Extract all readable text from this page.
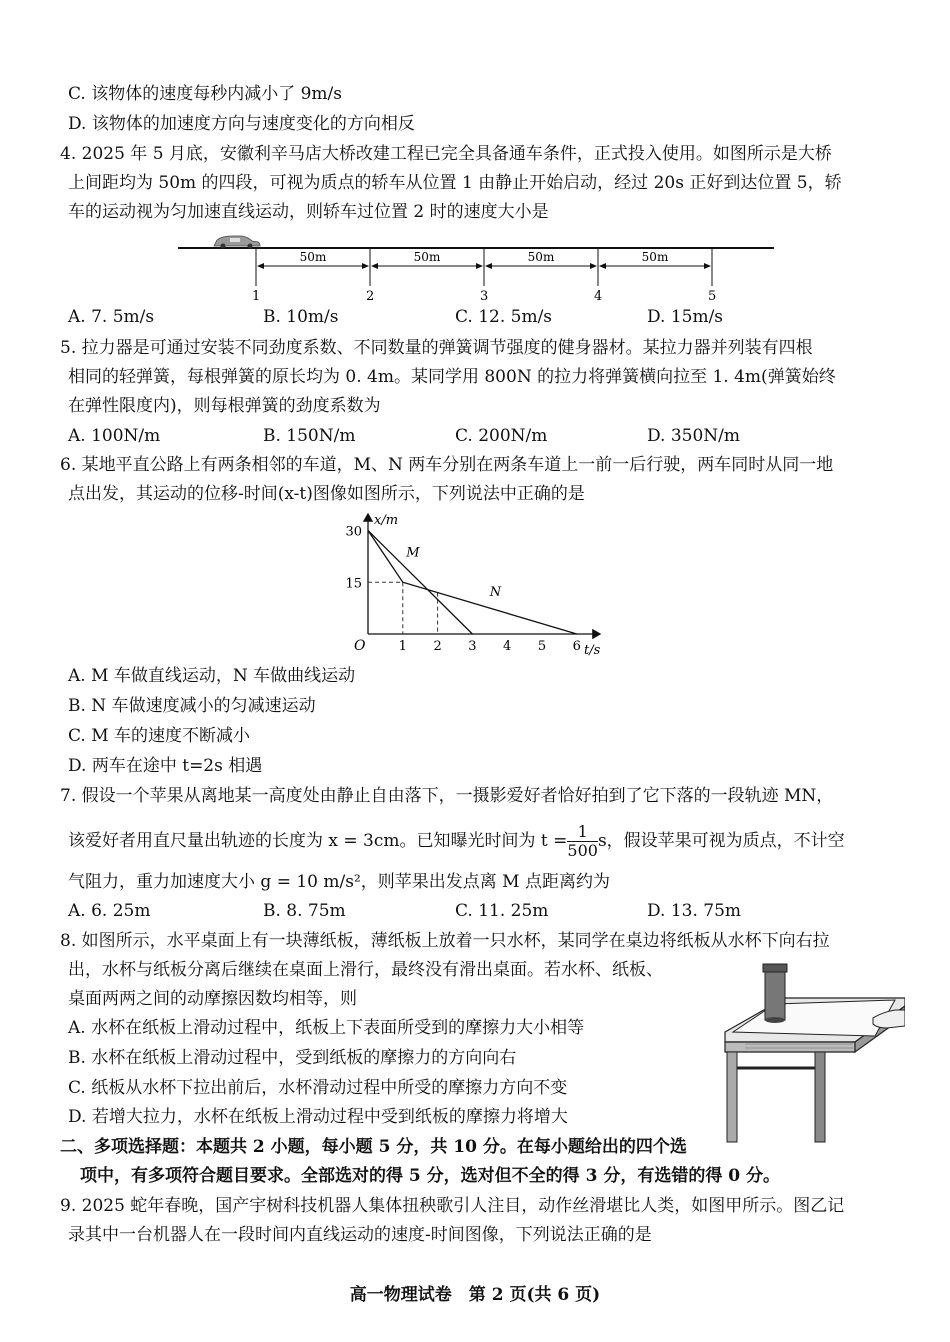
C. 该物体的速度每秒内减小了 9m/s
D. 该物体的加速度方向与速度变化的方向相反
4. 2025 年 5 月底，安徽利辛马店大桥改建工程已完全具备通车条件，正式投入使用。如图所示是大桥
上间距均为 50m 的四段，可视为质点的轿车从位置 1 由静止开始启动，经过 20s 正好到达位置 5，轿
车的运动视为匀加速直线运动，则轿车过位置 2 时的速度大小是
1	2	3	4	5
50m	50m	50m	50m
A. 7. 5m/s	B. 10m/s	C. 12. 5m/s	D. 15m/s
5. 拉力器是可通过安装不同劲度系数、不同数量的弹簧调节强度的健身器材。某拉力器并列装有四根
相同的轻弹簧，每根弹簧的原长均为 0. 4m。某同学用 800N 的拉力将弹簧横向拉至 1. 4m(弹簧始终
在弹性限度内)，则每根弹簧的劲度系数为
A. 100N/m	B. 150N/m	C. 200N/m	D. 350N/m
6. 某地平直公路上有两条相邻的车道，M、N 两车分别在两条车道上一前一后行驶，两车同时从同一地
点出发，其运动的位移-时间(x-t)图像如图所示，下列说法中正确的是
x/m
t/s
O	1 2 3 4 5 6
15
30
M
N
A. M 车做直线运动，N 车做曲线运动
B. N 车做速度减小的匀减速运动
C. M 车的速度不断减小
D. 两车在途中 t=2s 相遇
7. 假设一个苹果从离地某一高度处由静止自由落下，一摄影爱好者恰好拍到了它下落的一段轨迹 MN，
该爱好者用直尺量出轨迹的长度为 x = 3cm。已知曝光时间为 $t = \frac{1}{500}$ s，假设苹果可视为质点，不计空
气阻力，重力加速度大小 g = 10 m/s²，则苹果出发点离 M 点距离约为
A. 6. 25m	B. 8. 75m	C. 11. 25m	D. 13. 75m
8. 如图所示，水平桌面上有一块薄纸板，薄纸板上放着一只水杯，某同学在桌边将纸板从水杯下向右拉
出，水杯与纸板分离后继续在桌面上滑行，最终没有滑出桌面。若水杯、纸板、
桌面两两之间的动摩擦因数均相等，则
A. 水杯在纸板上滑动过程中，纸板上下表面所受到的摩擦力大小相等
B. 水杯在纸板上滑动过程中，受到纸板的摩擦力的方向向右
C. 纸板从水杯下拉出前后，水杯滑动过程中所受的摩擦力方向不变
D. 若增大拉力，水杯在纸板上滑动过程中受到纸板的摩擦力将增大
二、多项选择题：本题共 2 小题，每小题 5 分，共 10 分。在每小题给出的四个选
项中，有多项符合题目要求。全部选对的得 5 分，选对但不全的得 3 分，有选错的得 0 分。
9. 2025 蛇年春晚，国产宇树科技机器人集体扭秧歌引人注目，动作丝滑堪比人类，如图甲所示。图乙记
录其中一台机器人在一段时间内直线运动的速度-时间图像，下列说法正确的是
高一物理试卷　第 2 页(共 6 页)
